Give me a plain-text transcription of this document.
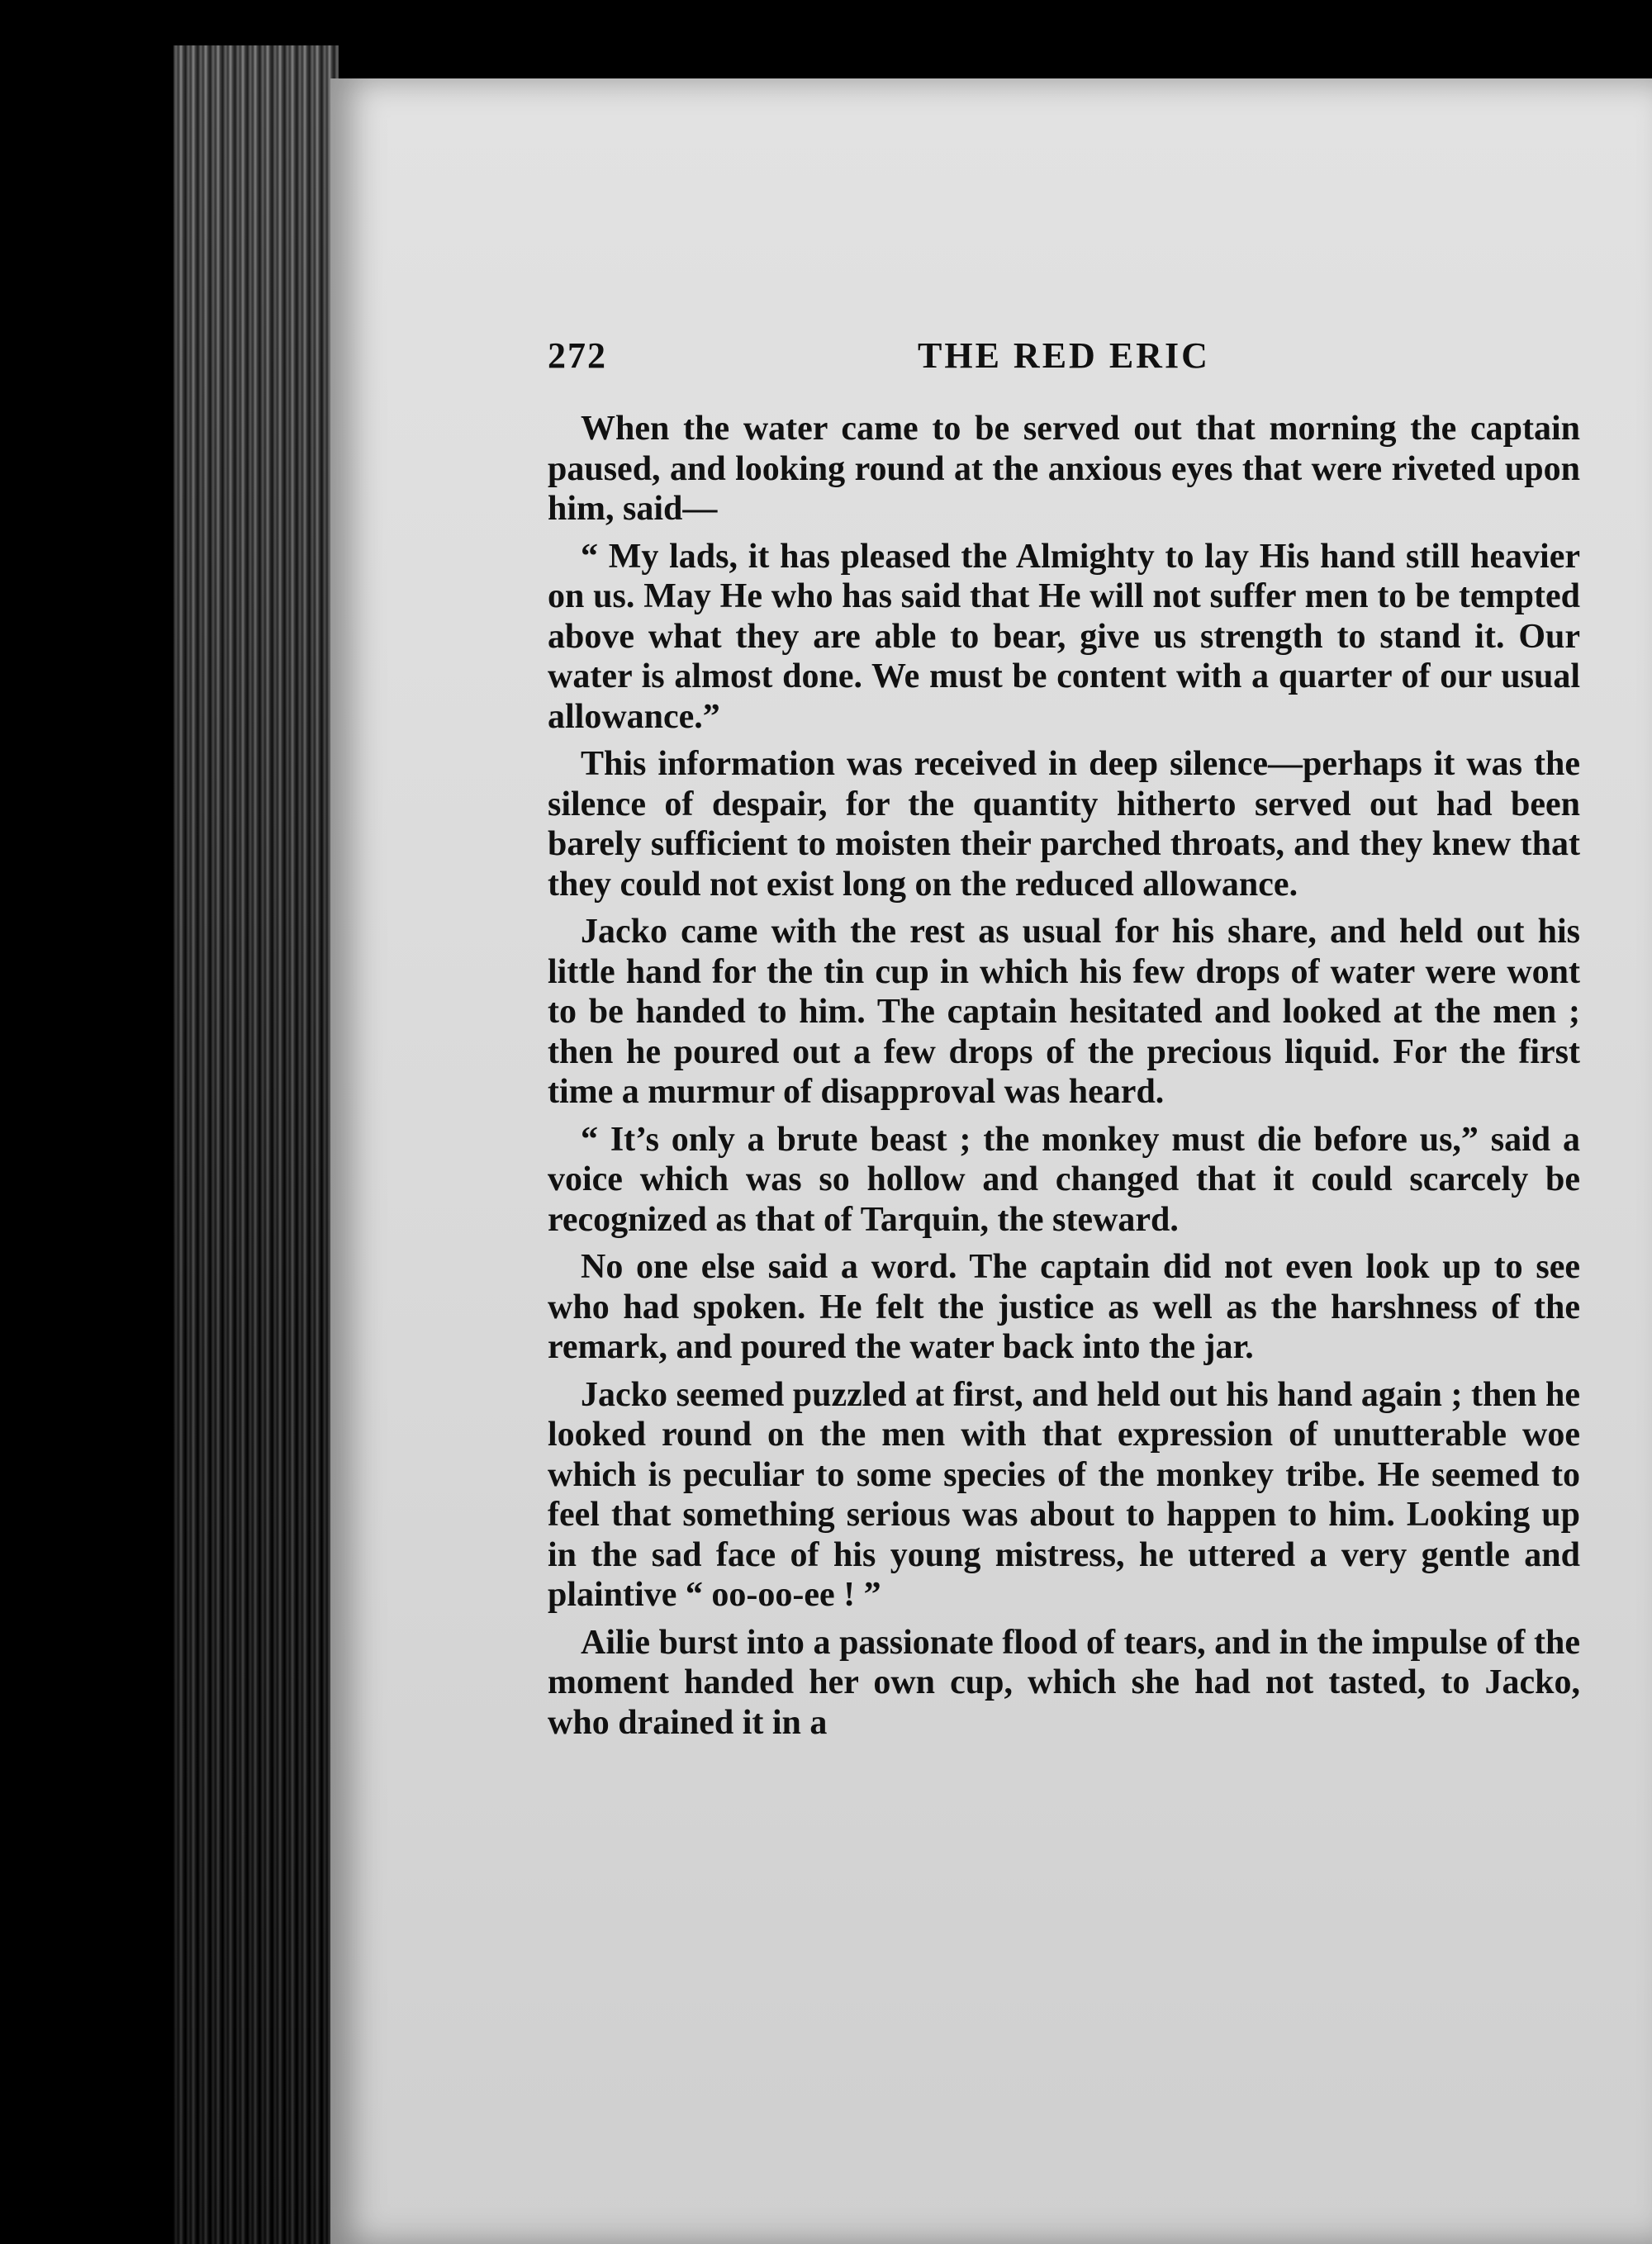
272	THE RED ERIC

When the water came to be served out that morning the captain paused, and looking round at the anxious eyes that were riveted upon him, said—

“ My lads, it has pleased the Almighty to lay His hand still heavier on us. May He who has said that He will not suffer men to be tempted above what they are able to bear, give us strength to stand it. Our water is almost done. We must be content with a quarter of our usual allowance.”

This information was received in deep silence—perhaps it was the silence of despair, for the quantity hitherto served out had been barely sufficient to moisten their parched throats, and they knew that they could not exist long on the reduced allowance.

Jacko came with the rest as usual for his share, and held out his little hand for the tin cup in which his few drops of water were wont to be handed to him. The captain hesitated and looked at the men ; then he poured out a few drops of the precious liquid. For the first time a murmur of disapproval was heard.

“ It’s only a brute beast ; the monkey must die before us,” said a voice which was so hollow and changed that it could scarcely be recognized as that of Tarquin, the steward.

No one else said a word. The captain did not even look up to see who had spoken. He felt the justice as well as the harshness of the remark, and poured the water back into the jar.

Jacko seemed puzzled at first, and held out his hand again ; then he looked round on the men with that expression of unutterable woe which is peculiar to some species of the monkey tribe. He seemed to feel that something serious was about to happen to him. Looking up in the sad face of his young mistress, he uttered a very gentle and plaintive “ oo-oo-ee ! ”

Ailie burst into a passionate flood of tears, and in the impulse of the moment handed her own cup, which she had not tasted, to Jacko, who drained it in a
